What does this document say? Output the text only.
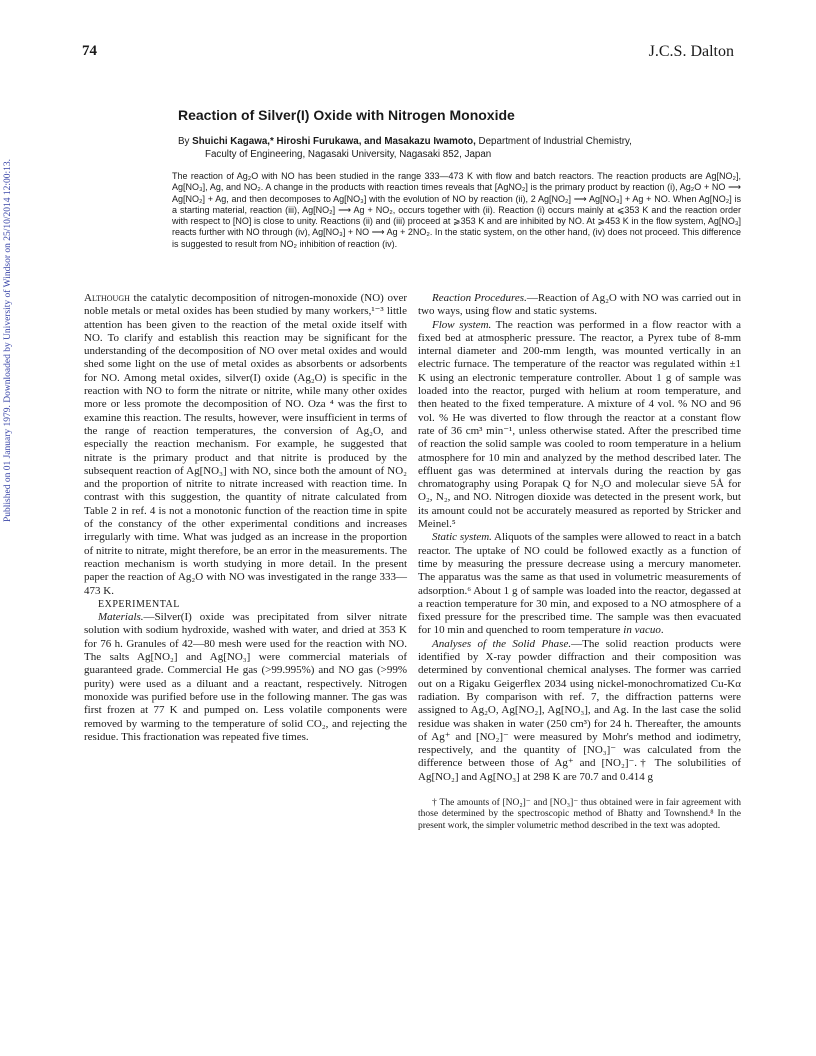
74	J.C.S. Dalton
Published on 01 January 1979. Downloaded by University of Windsor on 25/10/2014 12:00:13.
Reaction of Silver(I) Oxide with Nitrogen Monoxide
By Shuichi Kagawa,* Hiroshi Furukawa, and Masakazu Iwamoto, Department of Industrial Chemistry,
Faculty of Engineering, Nagasaki University, Nagasaki 852, Japan
The reaction of Ag₂O with NO has been studied in the range 333—473 K with flow and batch reactors. The reaction products are Ag[NO₂], Ag[NO₃], Ag, and NO₂. A change in the products with reaction times reveals that [AgNO₂] is the primary product by reaction (i), Ag₂O + NO ⟶ Ag[NO₂] + Ag, and then decomposes to Ag[NO₃] with the evolution of NO by reaction (ii), 2 Ag[NO₂] ⟶ Ag[NO₃] + Ag + NO. When Ag[NO₂] is a starting material, reaction (iii), Ag[NO₂] ⟶ Ag + NO₂, occurs together with (ii). Reaction (i) occurs mainly at ⩽353 K and the reaction order with respect to [NO] is close to unity. Reactions (ii) and (iii) proceed at ⩾353 K and are inhibited by NO. At ⩾453 K in the flow system, Ag[NO₃] reacts further with NO through (iv), Ag[NO₃] + NO ⟶ Ag + 2NO₂. In the static system, on the other hand, (iv) does not proceed. This difference is suggested to result from NO₂ inhibition of reaction (iv).

Although the catalytic decomposition of nitrogen-monoxide (NO) over noble metals or metal oxides has been studied by many workers,¹⁻³ little attention has been given to the reaction of the metal oxide itself with NO. To clarify and establish this reaction may be significant for the understanding of the decomposition of NO over metal oxides and would shed some light on the use of metal oxides as absorbents or adsorbents for NO. Among metal oxides, silver(I) oxide (Ag₂O) is specific in the reaction with NO to form the nitrate or nitrite, while many other oxides more or less promote the decomposition of NO. Oza ⁴ was the first to examine this reaction. The results, however, were insufficient in terms of the range of reaction temperatures, the conversion of Ag₂O, and especially the reaction mechanism. For example, he suggested that nitrate is the primary product and that nitrite is produced by the subsequent reaction of Ag[NO₃] with NO, since both the amount of NO₂ and the proportion of nitrite to nitrate increased with reaction time. In contrast with this suggestion, the quantity of nitrate calculated from Table 2 in ref. 4 is not a monotonic function of the reaction time in spite of the constancy of the other experimental conditions and increases irregularly with time. What was judged as an increase in the proportion of nitrite to nitrate, might therefore, be an error in the measurements. The reaction mechanism is worth studying in more detail. In the present paper the reaction of Ag₂O with NO was investigated in the range 333—473 K.

EXPERIMENTAL

Materials.—Silver(I) oxide was precipitated from silver nitrate solution with sodium hydroxide, washed with water, and dried at 353 K for 76 h. Granules of 42—80 mesh were used for the reaction with NO. The salts Ag[NO₂] and Ag[NO₃] were commercial materials of guaranteed grade. Commercial He gas (>99.995%) and NO gas (>99% purity) were used as a diluant and a reactant, respectively. Nitrogen monoxide was purified before use in the following manner. The gas was first frozen at 77 K and pumped on. Less volatile components were removed by warming to the temperature of solid CO₂, and rejecting the residue. This fractionation was repeated five times.

Reaction Procedures.—Reaction of Ag₂O with NO was carried out in two ways, using flow and static systems.

Flow system. The reaction was performed in a flow reactor with a fixed bed at atmospheric pressure. The reactor, a Pyrex tube of 8-mm internal diameter and 200-mm length, was mounted vertically in an electric furnace. The temperature of the reactor was regulated within ±1 K using an electronic temperature controller. About 1 g of sample was loaded into the reactor, purged with helium at room temperature, and then heated to the fixed temperature. A mixture of 4 vol. % NO and 96 vol. % He was diverted to flow through the reactor at a constant flow rate of 36 cm³ min⁻¹, unless otherwise stated. After the prescribed time of reaction the solid sample was cooled to room temperature in a helium atmosphere for 10 min and analyzed by the method described later. The effluent gas was determined at intervals during the reaction by gas chromatography using Porapak Q for N₂O and molecular sieve 5Å for O₂, N₂, and NO. Nitrogen dioxide was detected in the present work, but its amount could not be accurately measured as reported by Stricker and Meinel.⁵

Static system. Aliquots of the samples were allowed to react in a batch reactor. The uptake of NO could be followed exactly as a function of time by measuring the pressure decrease using a mercury manometer. The apparatus was the same as that used in volumetric measurements of adsorption.⁶ About 1 g of sample was loaded into the reactor, degassed at a reaction temperature for 30 min, and exposed to a NO atmosphere of a fixed pressure for the prescribed time. The sample was then evacuated for 10 min and quenched to room temperature in vacuo.

Analyses of the Solid Phase.—The solid reaction products were identified by X-ray powder diffraction and their composition was determined by conventional chemical analyses. The former was carried out on a Rigaku Geigerflex 2034 using nickel-monochromatized Cu-Kα radiation. By comparison with ref. 7, the diffraction patterns were assigned to Ag₂O, Ag[NO₂], Ag[NO₃], and Ag. In the last case the solid residue was shaken in water (250 cm³) for 24 h. Thereafter, the amounts of Ag⁺ and [NO₂]⁻ were measured by Mohr's method and iodimetry, respectively, and the quantity of [NO₃]⁻ was calculated from the difference between those of Ag⁺ and [NO₂]⁻.† The solubilities of Ag[NO₂] and Ag[NO₃] at 298 K are 70.7 and 0.414 g

† The amounts of [NO₂]⁻ and [NO₃]⁻ thus obtained were in fair agreement with those determined by the spectroscopic method of Bhatty and Townshend.⁸ In the present work, the simpler volumetric method described in the text was adopted.
